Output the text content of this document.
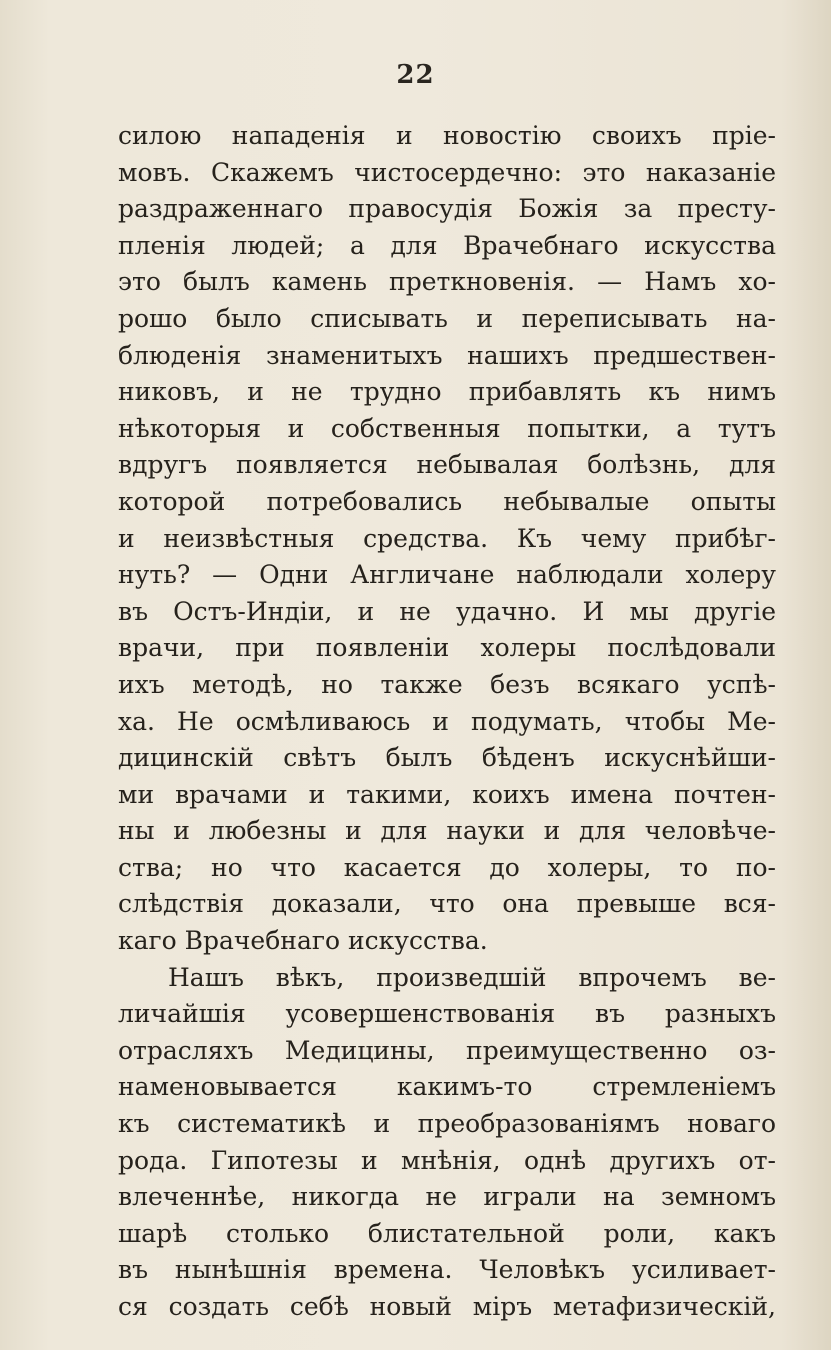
22
силою нападенія и новостію своихъ пріе-
мовъ. Скажемъ чистосердечно: это наказаніе
раздраженнаго правосудія Божія за престу-
пленія людей; а для Врачебнаго искусства
это былъ камень преткновенія. — Намъ хо-
рошо было списывать и переписывать на-
блюденія знаменитыхъ нашихъ предшествен-
никовъ, и не трудно прибавлять къ нимъ
нѣкоторыя и собственныя попытки, а тутъ
вдругъ появляется небывалая болѣзнь, для
которой потребовались небывалые опыты
и неизвѣстныя средства. Къ чему прибѣг-
нуть? — Одни Англичане наблюдали холеру
въ Остъ-Индіи, и не удачно. И мы другіе
врачи, при появленіи холеры послѣдовали
ихъ методѣ, но также безъ всякаго успѣ-
ха. Не осмѣливаюсь и подумать, чтобы Ме-
дицинскій свѣтъ былъ бѣденъ искуснѣйши-
ми врачами и такими, коихъ имена почтен-
ны и любезны и для науки и для человѣче-
ства; но что касается до холеры, то по-
слѣдствія доказали, что она превыше вся-
каго Врачебнаго искусства.
Нашъ вѣкъ, произведшій впрочемъ ве-
личайшія усовершенствованія въ разныхъ
отрасляхъ Медицины, преимущественно оз-
наменовывается какимъ-то стремленіемъ
къ систематикѣ и преобразованіямъ новаго
рода. Гипотезы и мнѣнія, однѣ другихъ от-
влеченнѣе, никогда не играли на земномъ
шарѣ столько блистательной роли, какъ
въ нынѣшнія времена. Человѣкъ усиливает-
ся создать себѣ новый міръ метафизическій,
